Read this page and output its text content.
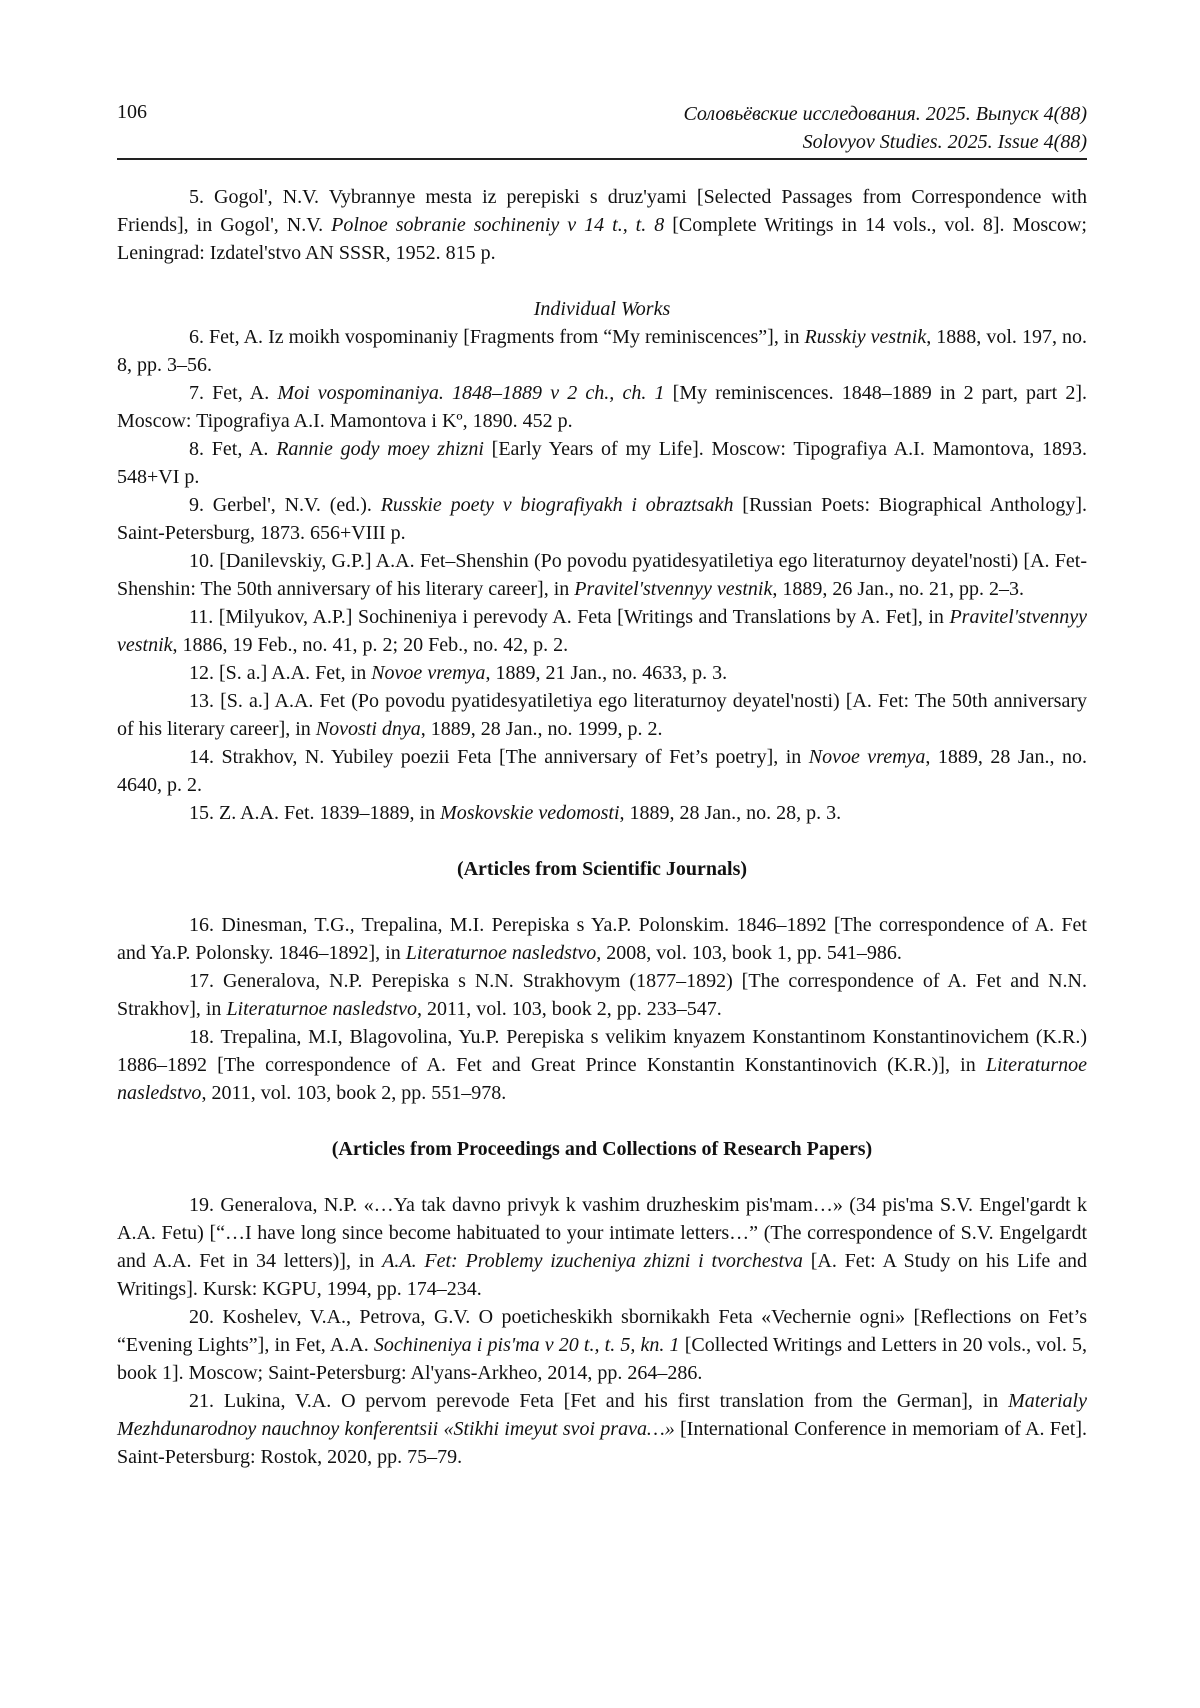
106	Соловьёвские исследования. 2025. Выпуск 4(88)
Solovyov Studies. 2025. Issue 4(88)

5. Gogol', N.V. Vybrannye mesta iz perepiski s druz'yami [Selected Passages from Correspondence with Friends], in Gogol', N.V. Polnoe sobranie sochineniy v 14 t., t. 8 [Complete Writings in 14 vols., vol. 8]. Moscow; Leningrad: Izdatel'stvo AN SSSR, 1952. 815 p.

Individual Works

6. Fet, A. Iz moikh vospominaniy [Fragments from “My reminiscences”], in Russkiy vestnik, 1888, vol. 197, no. 8, pp. 3–56.

7. Fet, A. Moi vospominaniya. 1848–1889 v 2 ch., ch. 1 [My reminiscences. 1848–1889 in 2 part, part 2]. Moscow: Tipografiya A.I. Mamontova i Kº, 1890. 452 p.

8. Fet, A. Rannie gody moey zhizni [Early Years of my Life]. Moscow: Tipografiya A.I. Mamontova, 1893. 548+VI p.

9. Gerbel', N.V. (ed.). Russkie poety v biografiyakh i obraztsakh [Russian Poets: Biographical Anthology]. Saint-Petersburg, 1873. 656+VIII p.

10. [Danilevskiy, G.P.] A.A. Fet–Shenshin (Po povodu pyatidesyatiletiya ego literaturnoy deyatel'nosti) [A. Fet-Shenshin: The 50th anniversary of his literary career], in Pravitel'stvennyy vestnik, 1889, 26 Jan., no. 21, pp. 2–3.

11. [Milyukov, A.P.] Sochineniya i perevody A. Feta [Writings and Translations by A. Fet], in Pravitel'stvennyy vestnik, 1886, 19 Feb., no. 41, p. 2; 20 Feb., no. 42, p. 2.

12. [S. a.] A.A. Fet, in Novoe vremya, 1889, 21 Jan., no. 4633, p. 3.

13. [S. a.] A.A. Fet (Po povodu pyatidesyatiletiya ego literaturnoy deyatel'nosti) [A. Fet: The 50th anniversary of his literary career], in Novosti dnya, 1889, 28 Jan., no. 1999, p. 2.

14. Strakhov, N. Yubiley poezii Feta [The anniversary of Fet’s poetry], in Novoe vremya, 1889, 28 Jan., no. 4640, p. 2.

15. Z. A.A. Fet. 1839–1889, in Moskovskie vedomosti, 1889, 28 Jan., no. 28, p. 3.

(Articles from Scientific Journals)

16. Dinesman, T.G., Trepalina, M.I. Perepiska s Ya.P. Polonskim. 1846–1892 [The correspondence of A. Fet and Ya.P. Polonsky. 1846–1892], in Literaturnoe nasledstvo, 2008, vol. 103, book 1, pp. 541–986.

17. Generalova, N.P. Perepiska s N.N. Strakhovym (1877–1892) [The correspondence of A. Fet and N.N. Strakhov], in Literaturnoe nasledstvo, 2011, vol. 103, book 2, pp. 233–547.

18. Trepalina, M.I, Blagovolina, Yu.P. Perepiska s velikim knyazem Konstantinom Konstantinovichem (K.R.) 1886–1892 [The correspondence of A. Fet and Great Prince Konstantin Konstantinovich (K.R.)], in Literaturnoe nasledstvo, 2011, vol. 103, book 2, pp. 551–978.

(Articles from Proceedings and Collections of Research Papers)

19. Generalova, N.P. «…Ya tak davno privyk k vashim druzheskim pis'mam…» (34 pis'ma S.V. Engel'gardt k A.A. Fetu) [“…I have long since become habituated to your intimate letters…” (The correspondence of S.V. Engelgardt and A.A. Fet in 34 letters)], in A.A. Fet: Problemy izucheniya zhizni i tvorchestva [A. Fet: A Study on his Life and Writings]. Kursk: KGPU, 1994, pp. 174–234.

20. Koshelev, V.A., Petrova, G.V. O poeticheskikh sbornikakh Feta «Vechernie ogni» [Reflections on Fet’s “Evening Lights”], in Fet, A.A. Sochineniya i pis'ma v 20 t., t. 5, kn. 1 [Collected Writings and Letters in 20 vols., vol. 5, book 1]. Moscow; Saint-Petersburg: Al'yans-Arkheo, 2014, pp. 264–286.

21. Lukina, V.A. O pervom perevode Feta [Fet and his first translation from the German], in Materialy Mezhdunarodnoy nauchnoy konferentsii «Stikhi imeyut svoi prava…» [International Conference in memoriam of A. Fet]. Saint-Petersburg: Rostok, 2020, pp. 75–79.
